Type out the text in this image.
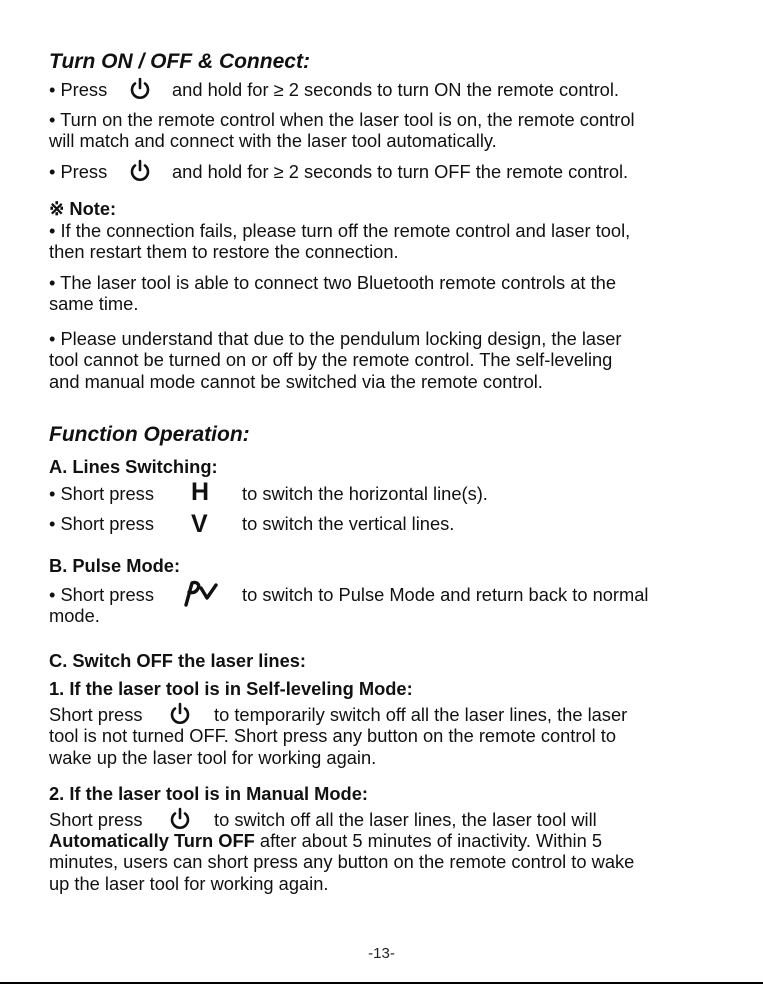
Turn ON / OFF & Connect:
• Press	and hold for ≥ 2 seconds to turn ON the remote control.
• Turn on the remote control when the laser tool is on, the remote control
will match and connect with the laser tool automatically.
• Press	and hold for ≥ 2 seconds to turn OFF the remote control.
※ Note:
• If the connection fails, please turn off the remote control and laser tool,
then restart them to restore the connection.
• The laser tool is able to connect two Bluetooth remote controls at the
same time.
• Please understand that due to the pendulum locking design, the laser
tool cannot be turned on or off by the remote control. The self-leveling
and manual mode cannot be switched via the remote control.
Function Operation:
A. Lines Switching:
• Short press H to switch the horizontal line(s).
• Short press V to switch the vertical lines.
B. Pulse Mode:
• Short press	to switch to Pulse Mode and return back to normal
mode.
C. Switch OFF the laser lines:
1. If the laser tool is in Self-leveling Mode:
Short press	to temporarily switch off all the laser lines, the laser
tool is not turned OFF. Short press any button on the remote control to
wake up the laser tool for working again.
2. If the laser tool is in Manual Mode:
Short press	to switch off all the laser lines, the laser tool will
Automatically Turn OFF after about 5 minutes of inactivity. Within 5
minutes, users can short press any button on the remote control to wake
up the laser tool for working again.
-13-
